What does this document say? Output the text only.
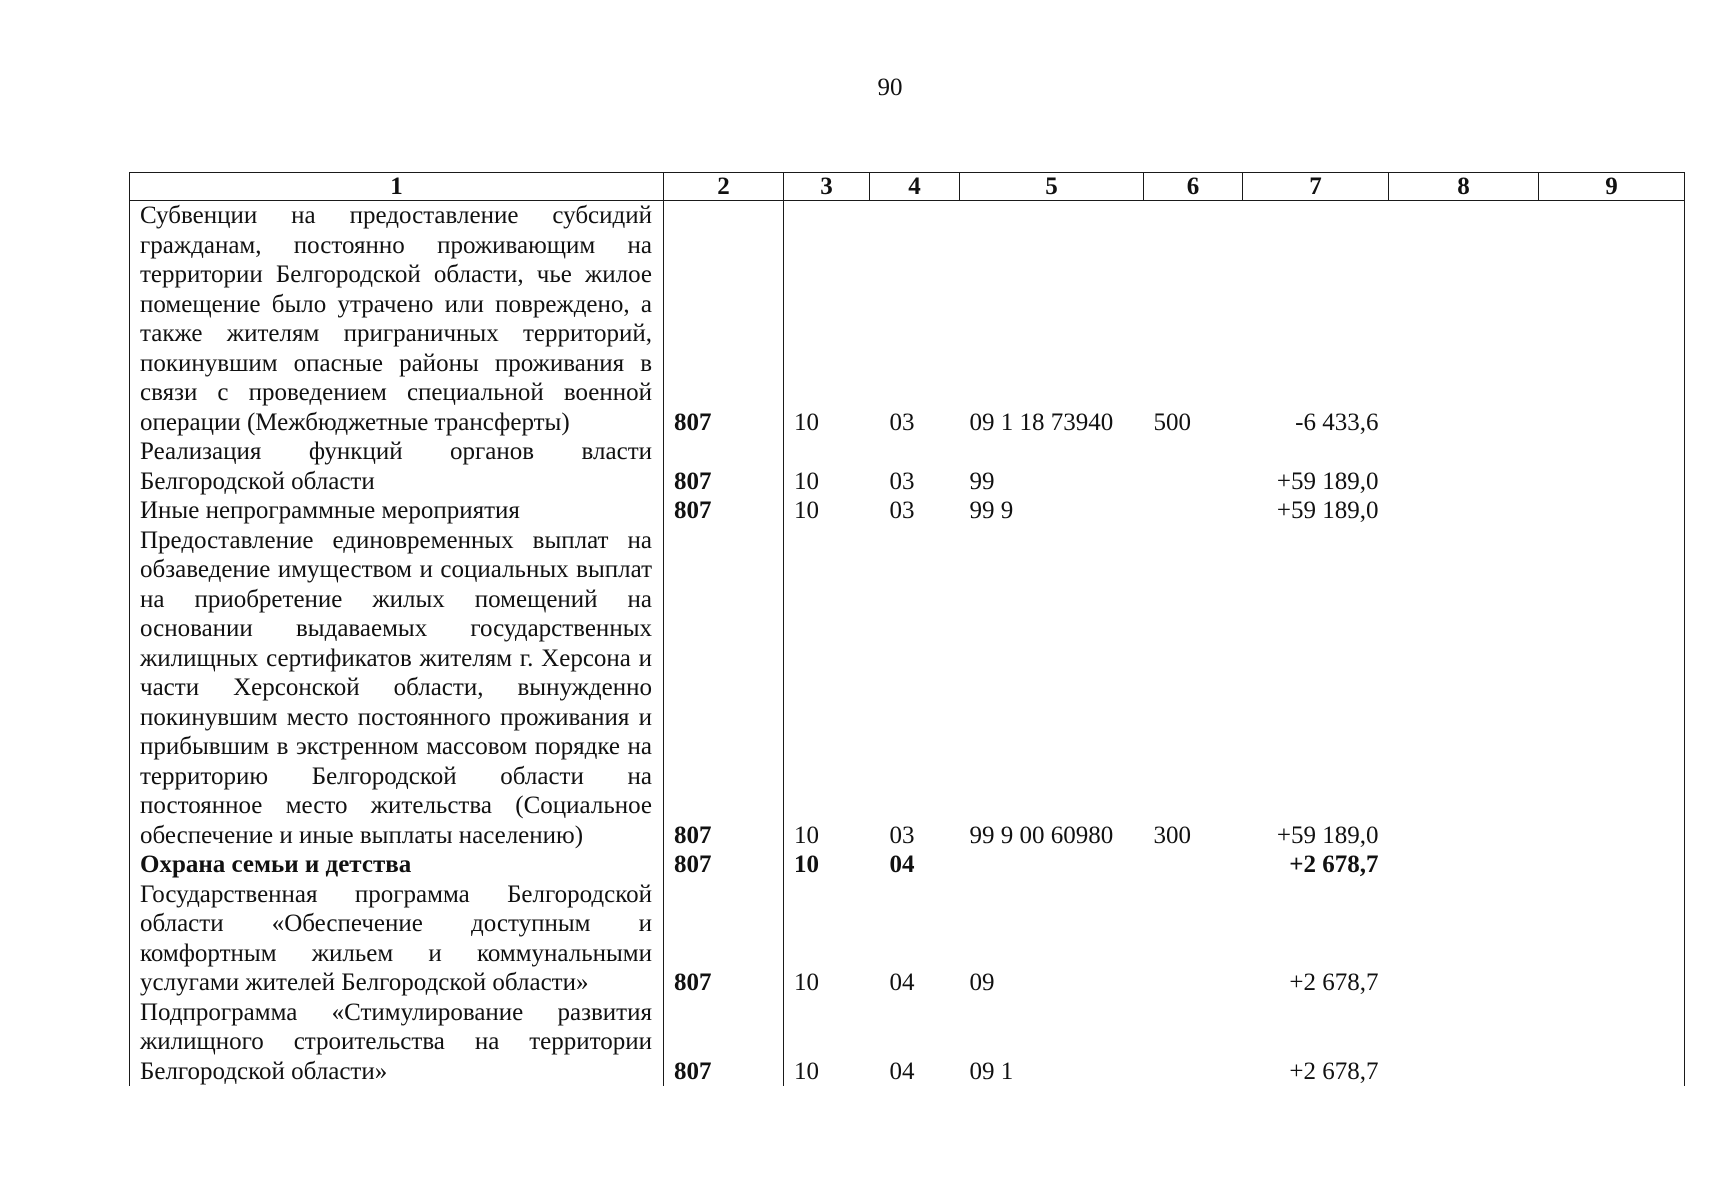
90
1	2	3	4	5	6	7	8	9
Субвенции на предоставление субсидий гражданам, постоянно проживающим на территории Белгородской области, чье жилое помещение было утрачено или повреждено, а также жителям приграничных территорий, покинувшим опасные районы проживания в связи с проведением специальной военной операции (Межбюджетные трансферты)	807	10	03	09 1 18 73940	500	-6 433,6		
Реализация функций органов власти Белгородской области	807	10	03	99		+59 189,0		
Иные непрограммные мероприятия	807	10	03	99 9		+59 189,0		
Предоставление единовременных выплат на обзаведение имуществом и социальных выплат на приобретение жилых помещений на основании выдаваемых государственных жилищных сертификатов жителям г. Херсона и части Херсонской области, вынужденно покинувшим место постоянного проживания и прибывшим в экстренном массовом порядке на территорию Белгородской области на постоянное место жительства (Социальное обеспечение и иные выплаты населению)	807	10	03	99 9 00 60980	300	+59 189,0		
Охрана семьи и детства	807	10	04			+2 678,7		
Государственная программа Белгородской области «Обеспечение доступным и комфортным жильем и коммунальными услугами жителей Белгородской области»	807	10	04	09		+2 678,7		
Подпрограмма «Стимулирование развития жилищного строительства на территории Белгородской области»	807	10	04	09 1		+2 678,7		
